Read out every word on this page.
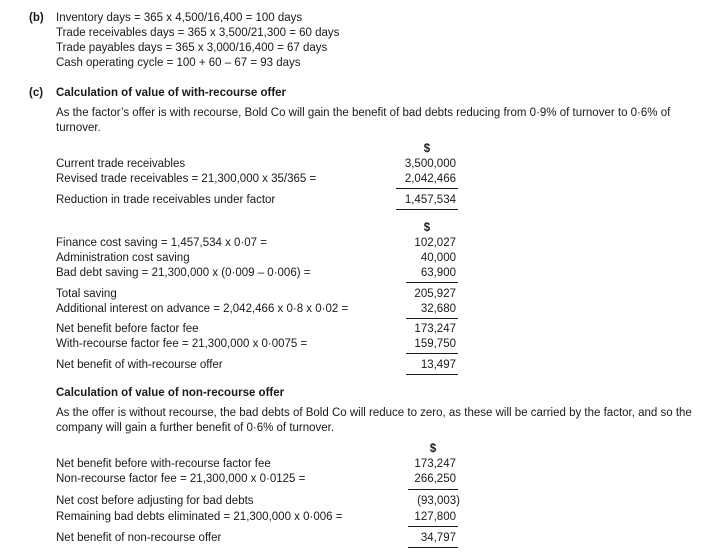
(b) Inventory days = 365 x 4,500/16,400 = 100 days
Trade receivables days = 365 x 3,500/21,300 = 60 days
Trade payables days = 365 x 3,000/16,400 = 67 days
Cash operating cycle = 100 + 60 – 67 = 93 days
(c) Calculation of value of with-recourse offer
As the factor’s offer is with recourse, Bold Co will gain the benefit of bad debts reducing from 0·9% of turnover to 0·6% of turnover.
$
Current trade receivables	3,500,000
Revised trade receivables = 21,300,000 x 35/365 =	2,042,466
Reduction in trade receivables under factor	1,457,534
$
Finance cost saving = 1,457,534 x 0·07 =	102,027
Administration cost saving	40,000
Bad debt saving = 21,300,000 x (0·009 – 0·006) =	63,900
Total saving	205,927
Additional interest on advance = 2,042,466 x 0·8 x 0·02 =	32,680
Net benefit before factor fee	173,247
With-recourse factor fee = 21,300,000 x 0·0075 =	159,750
Net benefit of with-recourse offer	13,497
Calculation of value of non-recourse offer
As the offer is without recourse, the bad debts of Bold Co will reduce to zero, as these will be carried by the factor, and so the company will gain a further benefit of 0·6% of turnover.
$
Net benefit before with-recourse factor fee	173,247
Non-recourse factor fee = 21,300,000 x 0·0125 =	266,250
Net cost before adjusting for bad debts	(93,003)
Remaining bad debts eliminated = 21,300,000 x 0·006 =	127,800
Net benefit of non-recourse offer	34,797
